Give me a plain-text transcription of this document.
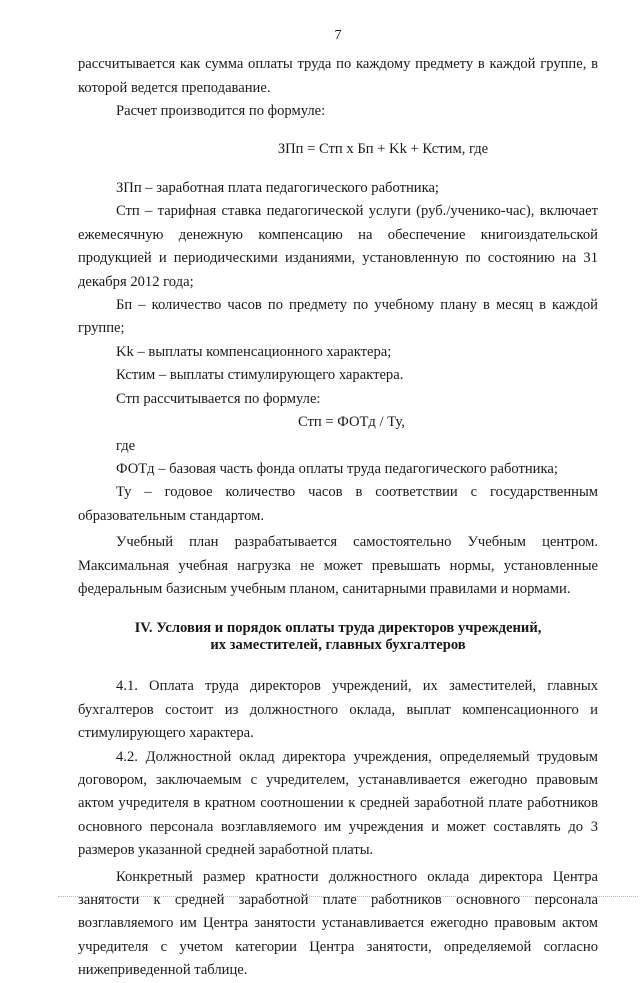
7

рассчитывается как сумма оплаты труда по каждому предмету в каждой группе, в которой ведется преподавание.

Расчет производится по формуле:

ЗПп = Стп х Бп + Kk + Кстим, где

ЗПп – заработная плата педагогического работника;

Стп – тарифная ставка педагогической услуги (руб./ученико-час), включает ежемесячную денежную компенсацию на обеспечение книгоиздательской продукцией и периодическими изданиями, установленную по состоянию на 31 декабря 2012 года;

Бп – количество часов по предмету по учебному плану в месяц в каждой группе;

Kk – выплаты компенсационного характера;

Кстим – выплаты стимулирующего характера.

Стп рассчитывается по формуле:

Стп = ФОТд / Ту,

где

ФОТд – базовая часть фонда оплаты труда педагогического работника;

Ту – годовое количество часов в соответствии с государственным образовательным стандартом.

Учебный план разрабатывается самостоятельно Учебным центром. Максимальная учебная нагрузка не может превышать нормы, установленные федеральным базисным учебным планом, санитарными правилами и нормами.

IV. Условия и порядок оплаты труда директоров учреждений,
их заместителей, главных бухгалтеров

4.1. Оплата труда директоров учреждений, их заместителей, главных бухгалтеров состоит из должностного оклада, выплат компенсационного и стимулирующего характера.

4.2. Должностной оклад директора учреждения, определяемый трудовым договором, заключаемым с учредителем, устанавливается ежегодно правовым актом учредителя в кратном соотношении к средней заработной плате работников основного персонала возглавляемого им учреждения и может составлять до 3 размеров указанной средней заработной платы.

Конкретный размер кратности должностного оклада директора Центра занятости к средней заработной плате работников основного персонала возглавляемого им Центра занятости устанавливается ежегодно правовым актом учредителя с учетом категории Центра занятости, определяемой согласно нижеприведенной таблице.
